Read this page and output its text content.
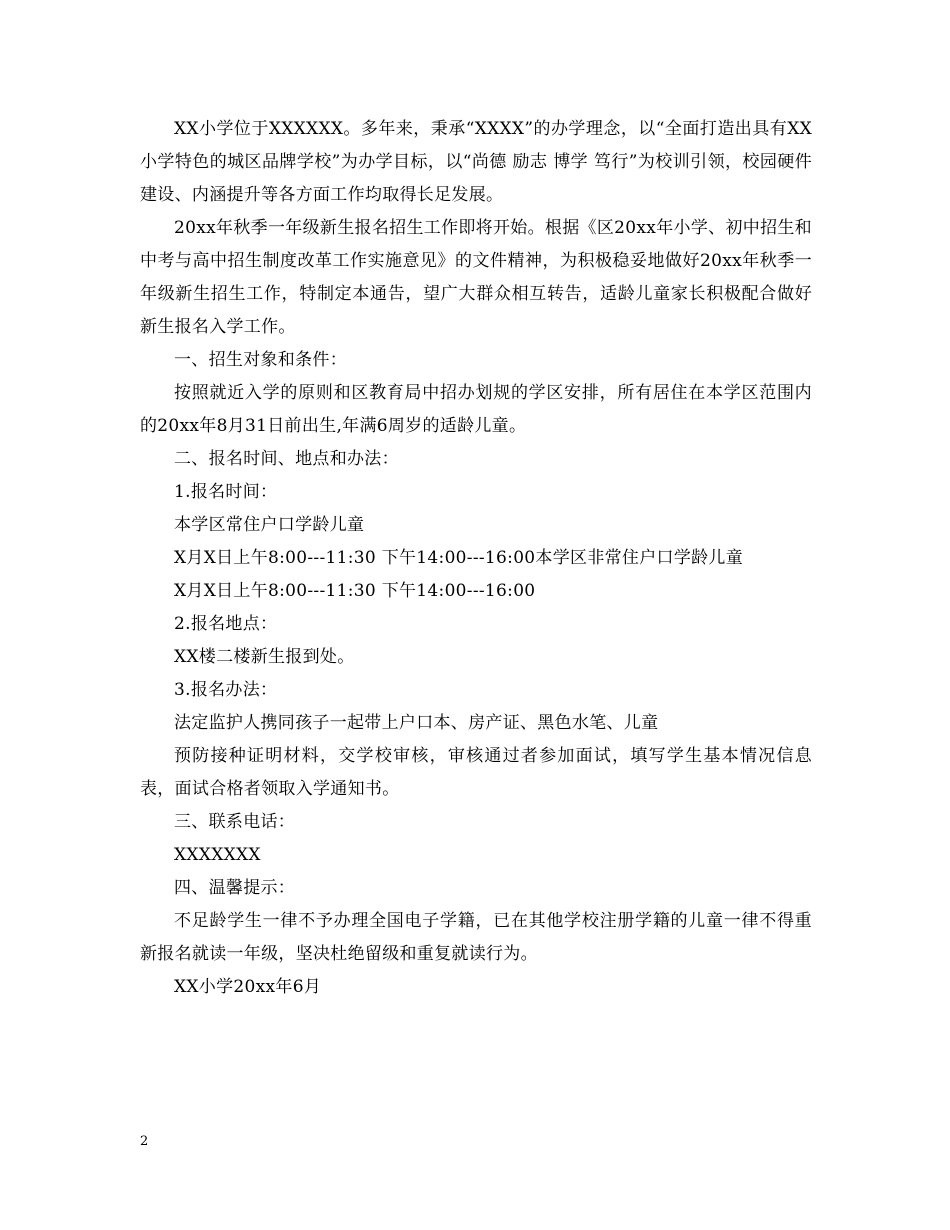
XX小学位于XXXXXX。多年来，秉承“XXXX”的办学理念，以“全面打造出具有XX小学特色的城区品牌学校”为办学目标，以“尚德 励志 博学 笃行”为校训引领，校园硬件建设、内涵提升等各方面工作均取得长足发展。

20xx年秋季一年级新生报名招生工作即将开始。根据《区20xx年小学、初中招生和中考与高中招生制度改革工作实施意见》的文件精神，为积极稳妥地做好20xx年秋季一年级新生招生工作，特制定本通告，望广大群众相互转告，适龄儿童家长积极配合做好新生报名入学工作。

一、招生对象和条件：

按照就近入学的原则和区教育局中招办划规的学区安排，所有居住在本学区范围内的20xx年8月31日前出生,年满6周岁的适龄儿童。

二、报名时间、地点和办法：

1.报名时间：

本学区常住户口学龄儿童

X月X日上午8:00---11:30 下午14:00---16:00本学区非常住户口学龄儿童

X月X日上午8:00---11:30 下午14:00---16:00

2.报名地点：

XX楼二楼新生报到处。

3.报名办法：

法定监护人携同孩子一起带上户口本、房产证、黑色水笔、儿童

预防接种证明材料，交学校审核，审核通过者参加面试，填写学生基本情况信息表，面试合格者领取入学通知书。

三、联系电话：

XXXXXXX

四、温馨提示：

不足龄学生一律不予办理全国电子学籍，已在其他学校注册学籍的儿童一律不得重新报名就读一年级，坚决杜绝留级和重复就读行为。

XX小学20xx年6月

2
